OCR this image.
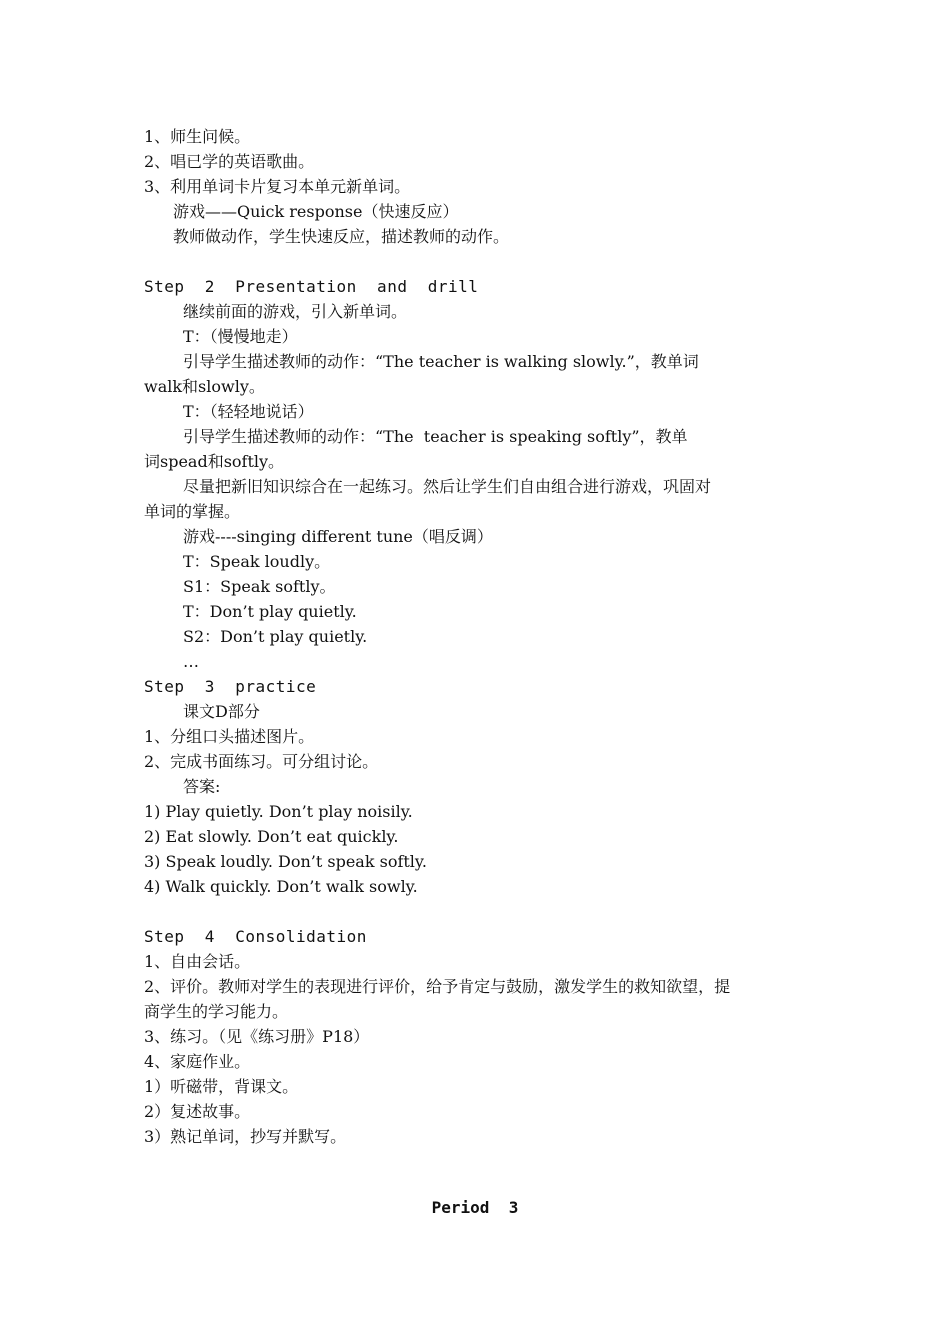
1、师生问候。
2、唱已学的英语歌曲。
3、利用单词卡片复习本单元新单词。
游戏——Quick response（快速反应）
教师做动作，学生快速反应，描述教师的动作。
Step  2  Presentation  and  drill
继续前面的游戏，引入新单词。
T：（慢慢地走）
引导学生描述教师的动作：“The teacher is walking slowly.”，教单词
walk和slowly。
T：（轻轻地说话）
引导学生描述教师的动作：“The  teacher is speaking softly”，教单
词spead和softly。
尽量把新旧知识综合在一起练习。然后让学生们自由组合进行游戏，巩固对
单词的掌握。
游戏----singing different tune（唱反调）
T：Speak loudly。
S1：Speak softly。
T：Don’t play quietly.
S2：Don’t play quietly.
…
Step  3  practice
课文D部分
1、分组口头描述图片。
2、完成书面练习。可分组讨论。
答案:
1) Play quietly. Don’t play noisily.
2) Eat slowly. Don’t eat quickly.
3) Speak loudly. Don’t speak softly.
4) Walk quickly. Don’t walk sowly.
Step  4  Consolidation
1、自由会话。
2、评价。教师对学生的表现进行评价，给予肯定与鼓励，激发学生的救知欲望，提
商学生的学习能力。
3、练习。（见《练习册》P18）
4、家庭作业。
1）听磁带，背课文。
2）复述故事。
3）熟记单词，抄写并默写。
Period  3
